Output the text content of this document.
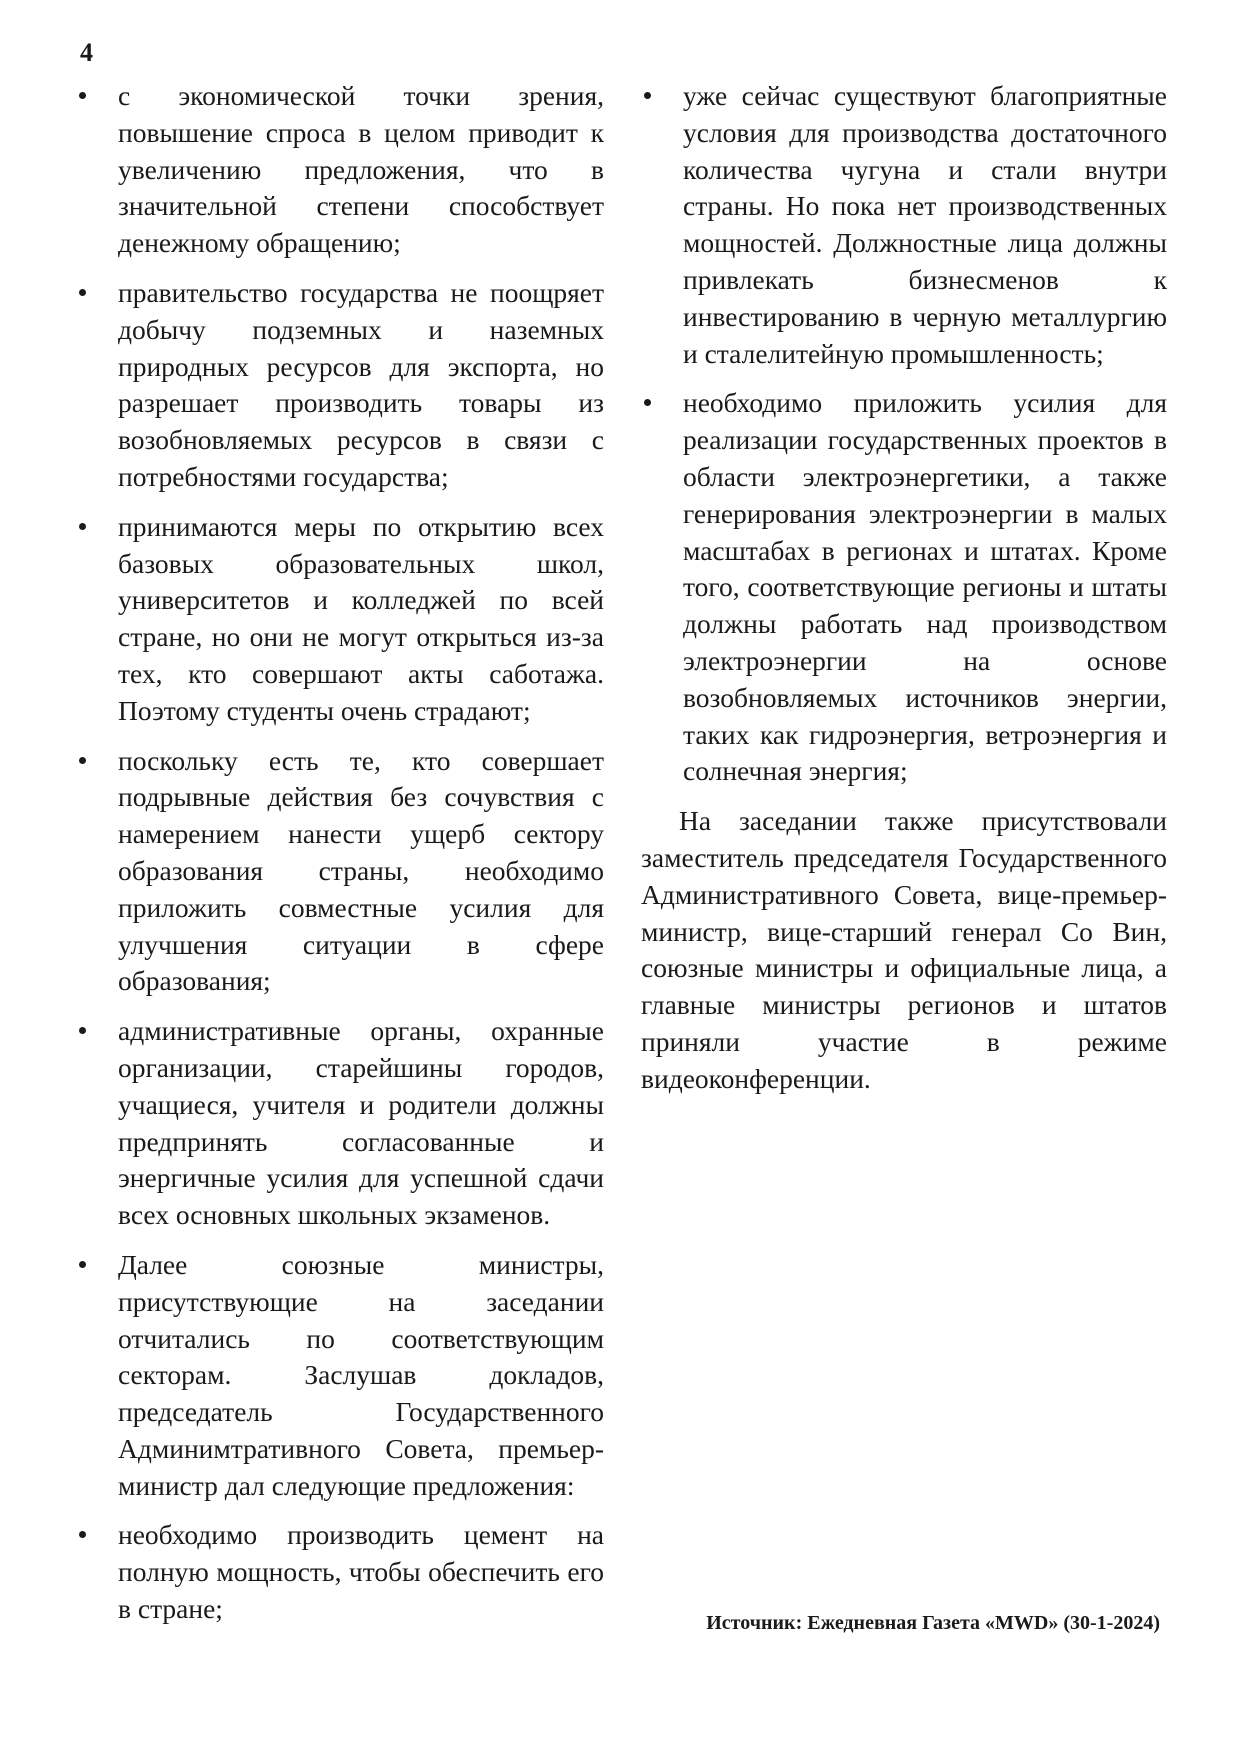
4
с экономической точки зрения, повышение спроса в целом приводит к увеличению предложения, что в значительной степени способствует денежному обращению;
правительство государства не поощряет добычу подземных и наземных природных ресурсов для экспорта, но разрешает производить товары из возобновляемых ресурсов в связи с потребностями государства;
принимаются меры по открытию всех базовых образовательных школ, университетов и колледжей по всей стране, но они не могут открыться из-за тех, кто совершают акты саботажа. Поэтому студенты очень страдают;
поскольку есть те, кто совершает подрывные действия без сочувствия с намерением нанести ущерб сектору образования страны, необходимо приложить совместные усилия для улучшения ситуации в сфере образования;
административные органы, охранные организации, старейшины городов, учащиеся, учителя и родители должны предпринять согласованные и энергичные усилия для успешной сдачи всех основных школьных экзаменов.
Далее союзные министры, присутствующие на заседании отчитались по соответствующим секторам. Заслушав докладов, председатель Государственного Админимтративного Совета, премьер-министр дал следующие предложения:
необходимо производить цемент на полную мощность, чтобы обеспечить его в стране;
уже сейчас существуют благоприятные условия для производства достаточного количества чугуна и стали внутри страны. Но пока нет производственных мощностей. Должностные лица должны привлекать бизнесменов к инвестированию в черную металлургию и сталелитейную промышленность;
необходимо приложить усилия для реализации государственных проектов в области электроэнергетики, а также генерирования электроэнергии в малых масштабах в регионах и штатах. Кроме того, соответствующие регионы и штаты должны работать над производством электроэнергии на основе возобновляемых источников энергии, таких как гидроэнергия, ветроэнергия и солнечная энергия;

На заседании также присутствовали заместитель председателя Государственного Административного Совета, вице-премьер-министр, вице-старший генерал Со Вин, союзные министры и официальные лица, а главные министры регионов и штатов приняли участие в режиме видеоконференции.

Источник: Ежедневная Газета «MWD» (30-1-2024)
